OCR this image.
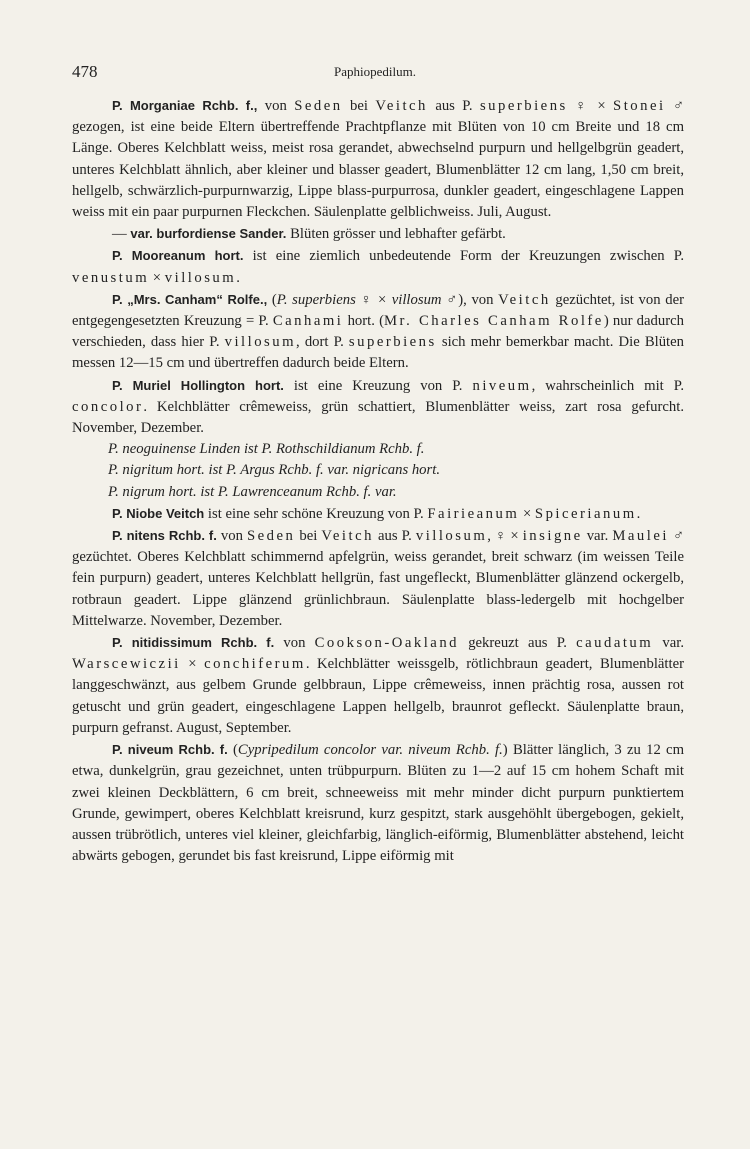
478	Paphiopedilum.

P. Morganiae Rchb. f., von Seden bei Veitch aus P. superbiens ♀ × Stonei ♂ gezogen, ist eine beide Eltern übertreffende Prachtpflanze mit Blüten von 10 cm Breite und 18 cm Länge. Oberes Kelchblatt weiss, meist rosa gerandet, abwechselnd purpurn und hellgelbgrün geadert, unteres Kelchblatt ähnlich, aber kleiner und blasser geadert, Blumenblätter 12 cm lang, 1,50 cm breit, hellgelb, schwärzlich-purpurnwarzig, Lippe blass-purpurrosa, dunkler geadert, eingeschlagene Lappen weiss mit ein paar purpurnen Fleckchen. Säulenplatte gelblichweiss. Juli, August.

— var. burfordiense Sander. Blüten grösser und lebhafter gefärbt.

P. Mooreanum hort. ist eine ziemlich unbedeutende Form der Kreuzungen zwischen P. venustum × villosum.

P. „Mrs. Canham“ Rolfe., (P. superbiens ♀ × villosum ♂), von Veitch gezüchtet, ist von der entgegengesetzten Kreuzung = P. Canhami hort. (Mr. Charles Canham Rolfe) nur dadurch verschieden, dass hier P. villosum, dort P. superbiens sich mehr bemerkbar macht. Die Blüten messen 12—15 cm und übertreffen dadurch beide Eltern.

P. Muriel Hollington hort. ist eine Kreuzung von P. niveum, wahrscheinlich mit P. concolor. Kelchblätter crêmeweiss, grün schattiert, Blumenblätter weiss, zart rosa gefurcht. November, Dezember.

P. neoguinense Linden ist P. Rothschildianum Rchb. f.

P. nigritum hort. ist P. Argus Rchb. f. var. nigricans hort.

P. nigrum hort. ist P. Lawrenceanum Rchb. f. var.

P. Niobe Veitch ist eine sehr schöne Kreuzung von P. Fairieanum × Spicerianum.

P. nitens Rchb. f. von Seden bei Veitch aus P. villosum, ♀ × insigne var. Maulei ♂ gezüchtet. Oberes Kelchblatt schimmernd apfelgrün, weiss gerandet, breit schwarz (im weissen Teile fein purpurn) geadert, unteres Kelchblatt hellgrün, fast ungefleckt, Blumenblätter glänzend ockergelb, rotbraun geadert. Lippe glänzend grünlichbraun. Säulenplatte blass-ledergelb mit hochgelber Mittelwarze. November, Dezember.

P. nitidissimum Rchb. f. von Cookson-Oakland gekreuzt aus P. caudatum var. Warscewiczii × conchiferum. Kelchblätter weissgelb, rötlichbraun geadert, Blumenblätter langgeschwänzt, aus gelbem Grunde gelbbraun, Lippe crêmeweiss, innen prächtig rosa, aussen rot getuscht und grün geadert, eingeschlagene Lappen hellgelb, braunrot gefleckt. Säulenplatte braun, purpurn gefranst. August, September.

P. niveum Rchb. f. (Cypripedilum concolor var. niveum Rchb. f.) Blätter länglich, 3 zu 12 cm etwa, dunkelgrün, grau gezeichnet, unten trübpurpurn. Blüten zu 1—2 auf 15 cm hohem Schaft mit zwei kleinen Deckblättern, 6 cm breit, schneeweiss mit mehr minder dicht purpurn punktiertem Grunde, gewimpert, oberes Kelchblatt kreisrund, kurz gespitzt, stark ausgehöhlt übergebogen, gekielt, aussen trübrötlich, unteres viel kleiner, gleichfarbig, länglich-eiförmig, Blumenblätter abstehend, leicht abwärts gebogen, gerundet bis fast kreisrund, Lippe eiförmig mit
